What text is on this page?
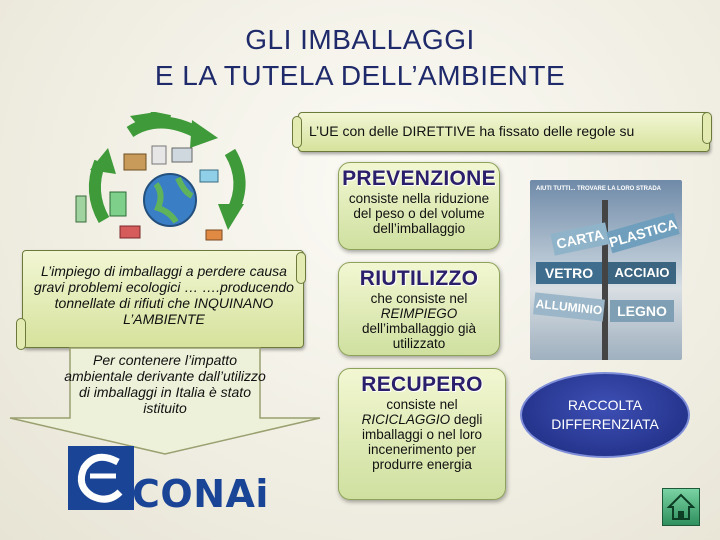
GLI IMBALLAGGI
E LA TUTELA DELL’AMBIENTE
L’UE con delle DIRETTIVE ha fissato delle regole su
L’impiego di imballaggi a perdere causa gravi problemi ecologici … ….producendo tonnellate di rifiuti che INQUINANO L’AMBIENTE
Per contenere l’impatto ambientale derivante dall’utilizzo di imballaggi in Italia è stato istituito
CONAi
PREVENZIONE
consiste nella riduzione del peso o del volume dell’imballaggio
RIUTILIZZO
che consiste nel REIMPIEGO dell’imballaggio già utilizzato
RECUPERO
consiste nel RICICLAGGIO degli imballaggi o nel loro incenerimento per produrre energia
AIUTI TUTTI... TROVARE LA LORO STRADA
CARTA PLASTICA
VETRO	ACCIAIO
ALLUMINIO	LEGNO
RACCOLTA
DIFFERENZIATA
